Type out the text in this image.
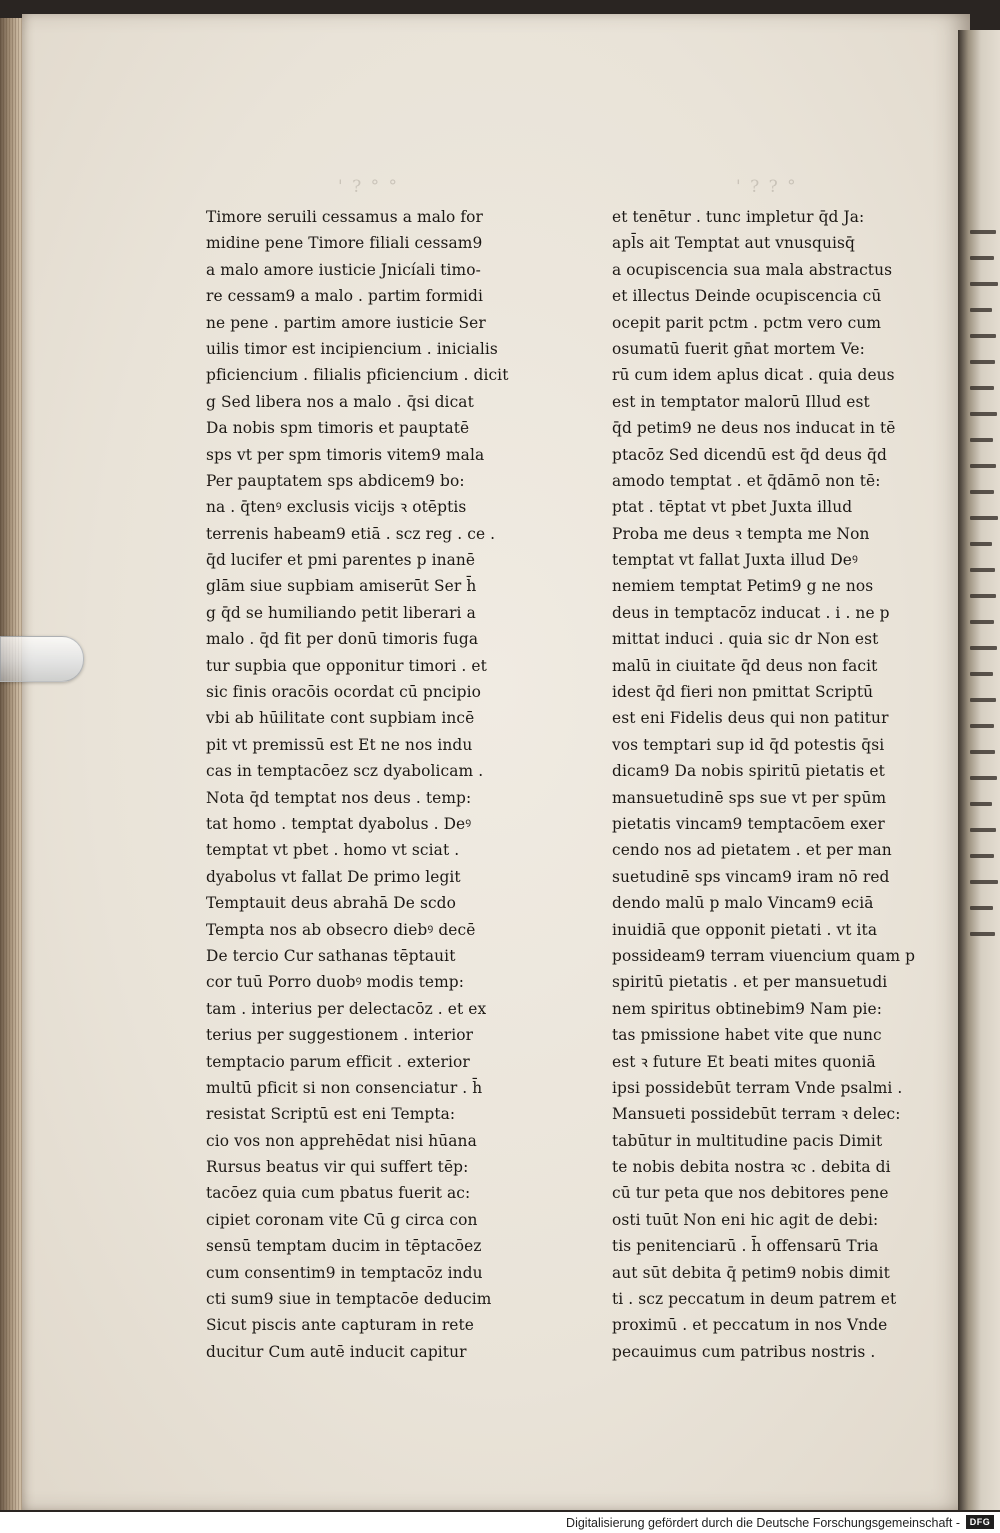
' ? ° °	' ? ? °
Timore seruili cessamus a malo for
midine pene Timore filiali cessam9
a malo amore iusticie Jnicíali timo-
re cessam9 a malo . partim formidi
ne pene . partim amore iusticie Ser
uilis timor est incipiencium . inicialis
pficiencium . filialis pficiencium . dicit
g Sed libera nos a malo . q̄si dicat
Da nobis spm timoris et pauptatē
sps vt per spm timoris vitem9 mala
Per pauptatem sps abdicem9 bo:
na . q̄tenꝰ exclusis vicijs ꝛ otēptis
terrenis habeam9 etiā . scz reg . ce .
q̄d lucifer et pmi parentes p inanē
glām siue supbiam amiserūt Ser h̄
g q̄d se humiliando petit liberari a
malo . q̄d fit per donū timoris fuga
tur supbia que opponitur timori . et
sic finis oracōis ocordat cū pncipio
vbi ab hūilitate cont supbiam incē
pit vt premissū est Et ne nos indu
cas in temptacōez scz dyabolicam .
Nota q̄d temptat nos deus . temp:
tat homo . temptat dyabolus . Deꝰ
temptat vt pbet . homo vt sciat .
dyabolus vt fallat De primo legit
Temptauit deus abrahā De scdo
Tempta nos ab obsecro diebꝰ decē
De tercio Cur sathanas tēptauit
cor tuū Porro duobꝰ modis temp:
tam . interius per delectacōz . et ex
terius per suggestionem . interior
temptacio parum efficit . exterior
multū pficit si non consenciatur . h̄
resistat Scriptū est eni Tempta:
cio vos non apprehēdat nisi hūana
Rursus beatus vir qui suffert tēp:
tacōez quia cum pbatus fuerit ac:
cipiet coronam vite Cū g circa con
sensū temptam ducim in tēptacōez
cum consentim9 in temptacōz indu
cti sum9 siue in temptacōe deducim
Sicut piscis ante capturam in rete
ducitur Cum autē inducit capitur
et tenētur . tunc impletur q̄d Ja:
apl̄s ait Temptat aut vnusquisq̄
a ocupiscencia sua mala abstractus
et illectus Deinde ocupiscencia cū
ocepit parit pctm . pctm vero cum
osumatū fuerit gn̄at mortem Ve:
rū cum idem aplus dicat . quia deus
est in temptator malorū Illud est
q̄d petim9 ne deus nos inducat in tē
ptacōz Sed dicendū est q̄d deus q̄d
amodo temptat . et q̄dāmō non tē:
ptat . tēptat vt pbet Juxta illud
Proba me deus ꝛ tempta me Non
temptat vt fallat Juxta illud Deꝰ
nemiem temptat Petim9 g ne nos
deus in temptacōz inducat . i . ne p
mittat induci . quia sic dr Non est
malū in ciuitate q̄d deus non facit
idest q̄d fieri non pmittat Scriptū
est eni Fidelis deus qui non patitur
vos temptari sup id q̄d potestis q̄si
dicam9 Da nobis spiritū pietatis et
mansuetudinē sps sue vt per spūm
pietatis vincam9 temptacōem exer
cendo nos ad pietatem . et per man
suetudinē sps vincam9 iram nō red
dendo malū p malo Vincam9 eciā
inuidiā que opponit pietati . vt ita
possideam9 terram viuencium quam p
spiritū pietatis . et per mansuetudi
nem spiritus obtinebim9 Nam pie:
tas pmissione habet vite que nunc
est ꝛ future Et beati mites quoniā
ipsi possidebūt terram Vnde psalmi .
Mansueti possidebūt terram ꝛ delec:
tabūtur in multitudine pacis Dimit
te nobis debita nostra ꝛc . debita di
cū tur peta que nos debitores pene
osti tuūt Non eni hic agit de debi:
tis penitenciarū . h̄ offensarū Tria
aut sūt debita q̄ petim9 nobis dimit
ti . scz peccatum in deum patrem et
proximū . et peccatum in nos Vnde
pecauimus cum patribus nostris .
Digitalisierung gefördert durch die Deutsche Forschungsgemeinschaft -	DFG
